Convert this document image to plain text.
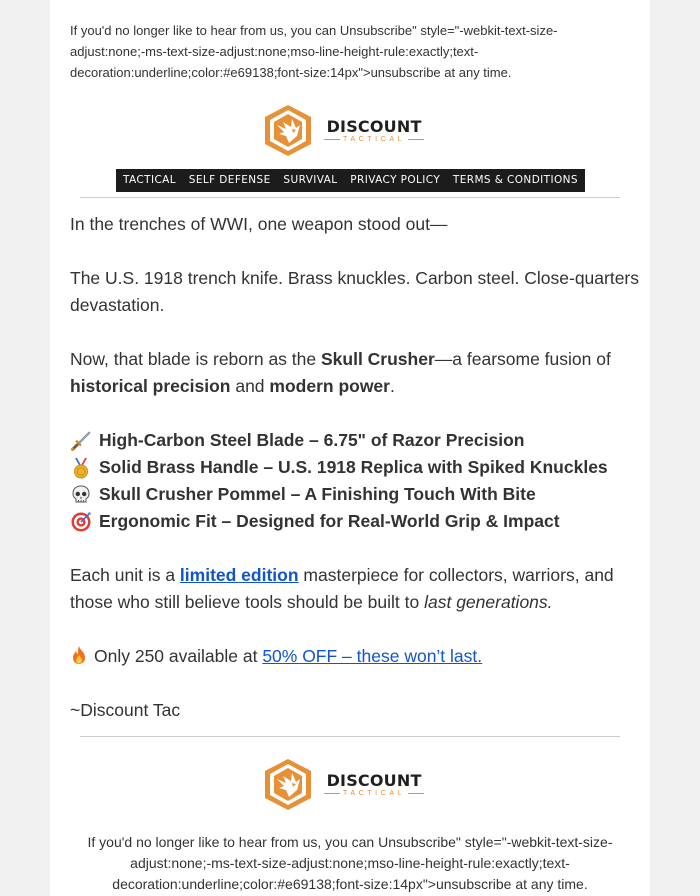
If you'd no longer like to hear from us, you can Unsubscribe" style="-webkit-text-size-adjust:none;-ms-text-size-adjust:none;mso-line-height-rule:exactly;text-decoration:underline;color:#e69138;font-size:14px">unsubscribe at any time.
DISCOUNT
TACTICAL
TACTICAL SELF DEFENSE SURVIVAL PRIVACY POLICY TERMS & CONDITIONS

In the trenches of WWI, one weapon stood out—

The U.S. 1918 trench knife. Brass knuckles. Carbon steel. Close-quarters devastation.

Now, that blade is reborn as the Skull Crusher—a fearsome fusion of historical precision and modern power.

High-Carbon Steel Blade – 6.75" of Razor Precision
Solid Brass Handle – U.S. 1918 Replica with Spiked Knuckles
Skull Crusher Pommel – A Finishing Touch With Bite
Ergonomic Fit – Designed for Real-World Grip & Impact

Each unit is a limited edition masterpiece for collectors, warriors, and those who still believe tools should be built to last generations.

Only 250 available at 50% OFF – these won’t last.

~Discount Tac

DISCOUNT
TACTICAL
If you'd no longer like to hear from us, you can Unsubscribe" style="-webkit-text-size-adjust:none;-ms-text-size-adjust:none;mso-line-height-rule:exactly;text-decoration:underline;color:#e69138;font-size:14px">unsubscribe at any time.
